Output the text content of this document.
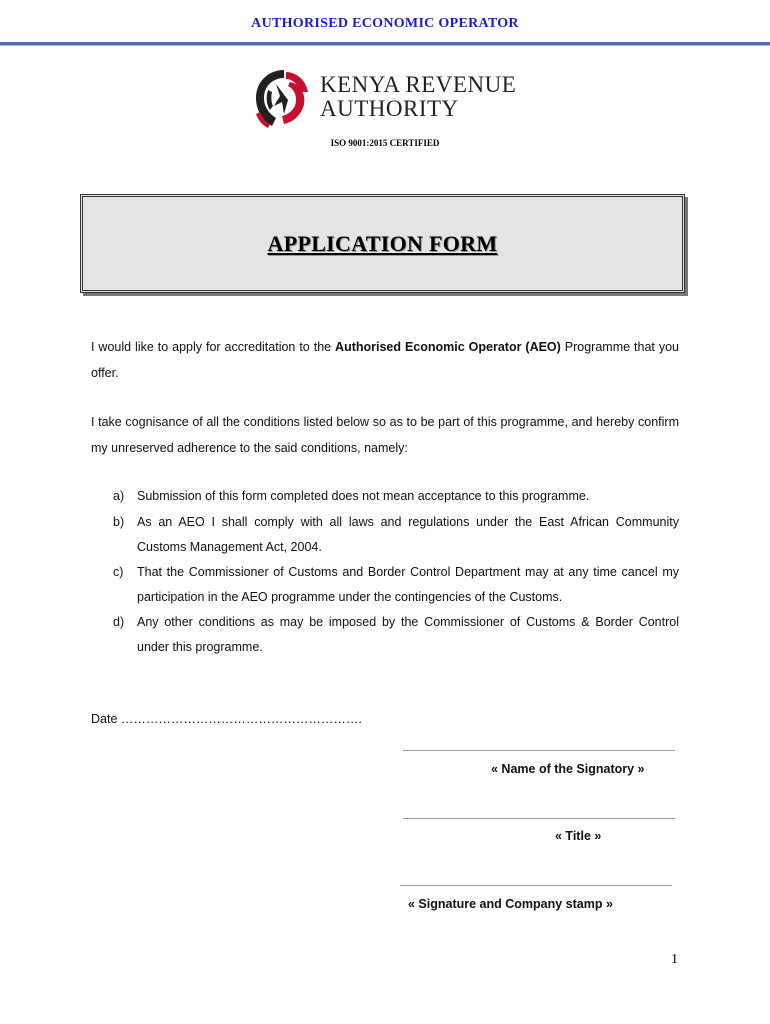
AUTHORISED ECONOMIC OPERATOR
KENYA REVENUE
AUTHORITY
ISO 9001:2015 CERTIFIED
APPLICATION FORM
I would like to apply for accreditation to the Authorised Economic Operator (AEO) Programme that you offer.
I take cognisance of all the conditions listed below so as to be part of this programme, and hereby confirm my unreserved adherence to the said conditions, namely:
a) Submission of this form completed does not mean acceptance to this programme.
b) As an AEO I shall comply with all laws and regulations under the East African Community Customs Management Act, 2004.
c) That the Commissioner of Customs and Border Control Department may at any time cancel my participation in the AEO programme under the contingencies of the Customs.
d) Any other conditions as may be imposed by the Commissioner of Customs & Border Control under this programme.
Date ………………………………………………….
« Name of the Signatory »
« Title »
« Signature and Company stamp »
1
